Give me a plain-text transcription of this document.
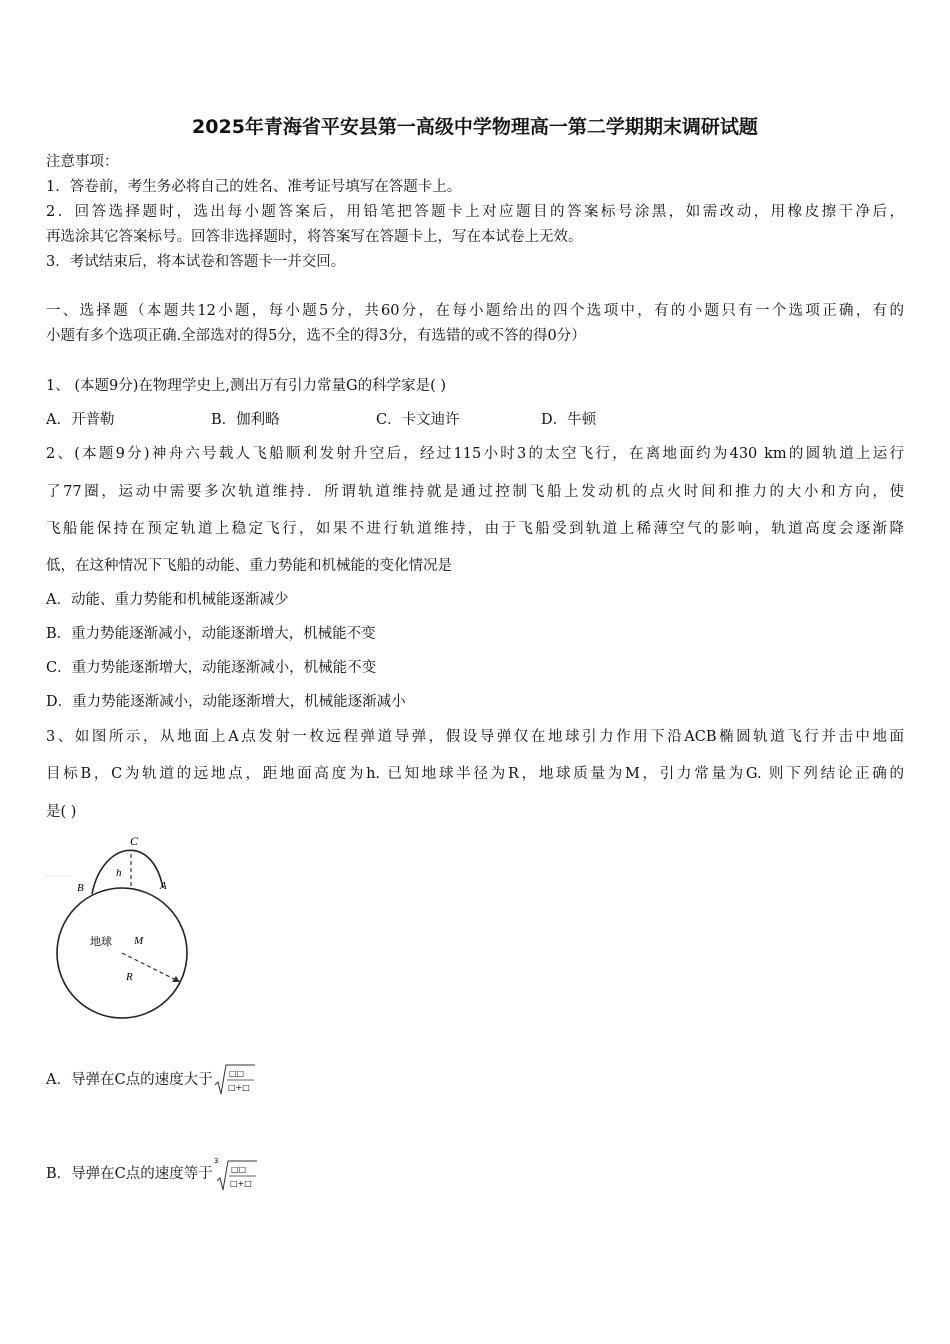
2025年青海省平安县第一高级中学物理高一第二学期期末调研试题
注意事项：
1．答卷前，考生务必将自己的姓名、准考证号填写在答题卡上。
2．回答选择题时，选出每小题答案后，用铅笔把答题卡上对应题目的答案标号涂黑，如需改动，用橡皮擦干净后，
再选涂其它答案标号。回答非选择题时，将答案写在答题卡上，写在本试卷上无效。
3．考试结束后，将本试卷和答题卡一并交回。
一、选择题（本题共12小题，每小题5分，共60分，在每小题给出的四个选项中，有的小题只有一个选项正确，有的
小题有多个选项正确.全部选对的得5分，选不全的得3分，有选错的或不答的得0分）
1、 (本题9分)在物理学史上,测出万有引力常量G的科学家是( )
A．开普勒	B．伽利略	C．卡文迪许	D．牛顿
2、(本题9分)神舟六号载人飞船顺利发射升空后，经过115小时3的太空飞行，在离地面约为430 km的圆轨道上运行
了77圈，运动中需要多次轨道维持．所谓轨道维持就是通过控制飞船上发动机的点火时间和推力的大小和方向，使
飞船能保持在预定轨道上稳定飞行，如果不进行轨道维持，由于飞船受到轨道上稀薄空气的影响，轨道高度会逐渐降
低，在这种情况下飞船的动能、重力势能和机械能的变化情况是
A．动能、重力势能和机械能逐渐减少
B．重力势能逐渐减小，动能逐渐增大，机械能不变
C．重力势能逐渐增大，动能逐渐减小，机械能不变
D．重力势能逐渐减小，动能逐渐增大，机械能逐渐减小
3、如图所示，从地面上A点发射一枚远程弹道导弹，假设导弹仅在地球引力作用下沿ACB椭圆轨道飞行并击中地面
目标B，C为轨道的远地点，距地面高度为h. 已知地球半径为R，地球质量为M，引力常量为G. 则下列结论正确的
是( )
C
h
B	A
地球 M
R
A．导弹在C点的速度大于 □□
□+□
B．导弹在C点的速度等于
3
□□
□+□
